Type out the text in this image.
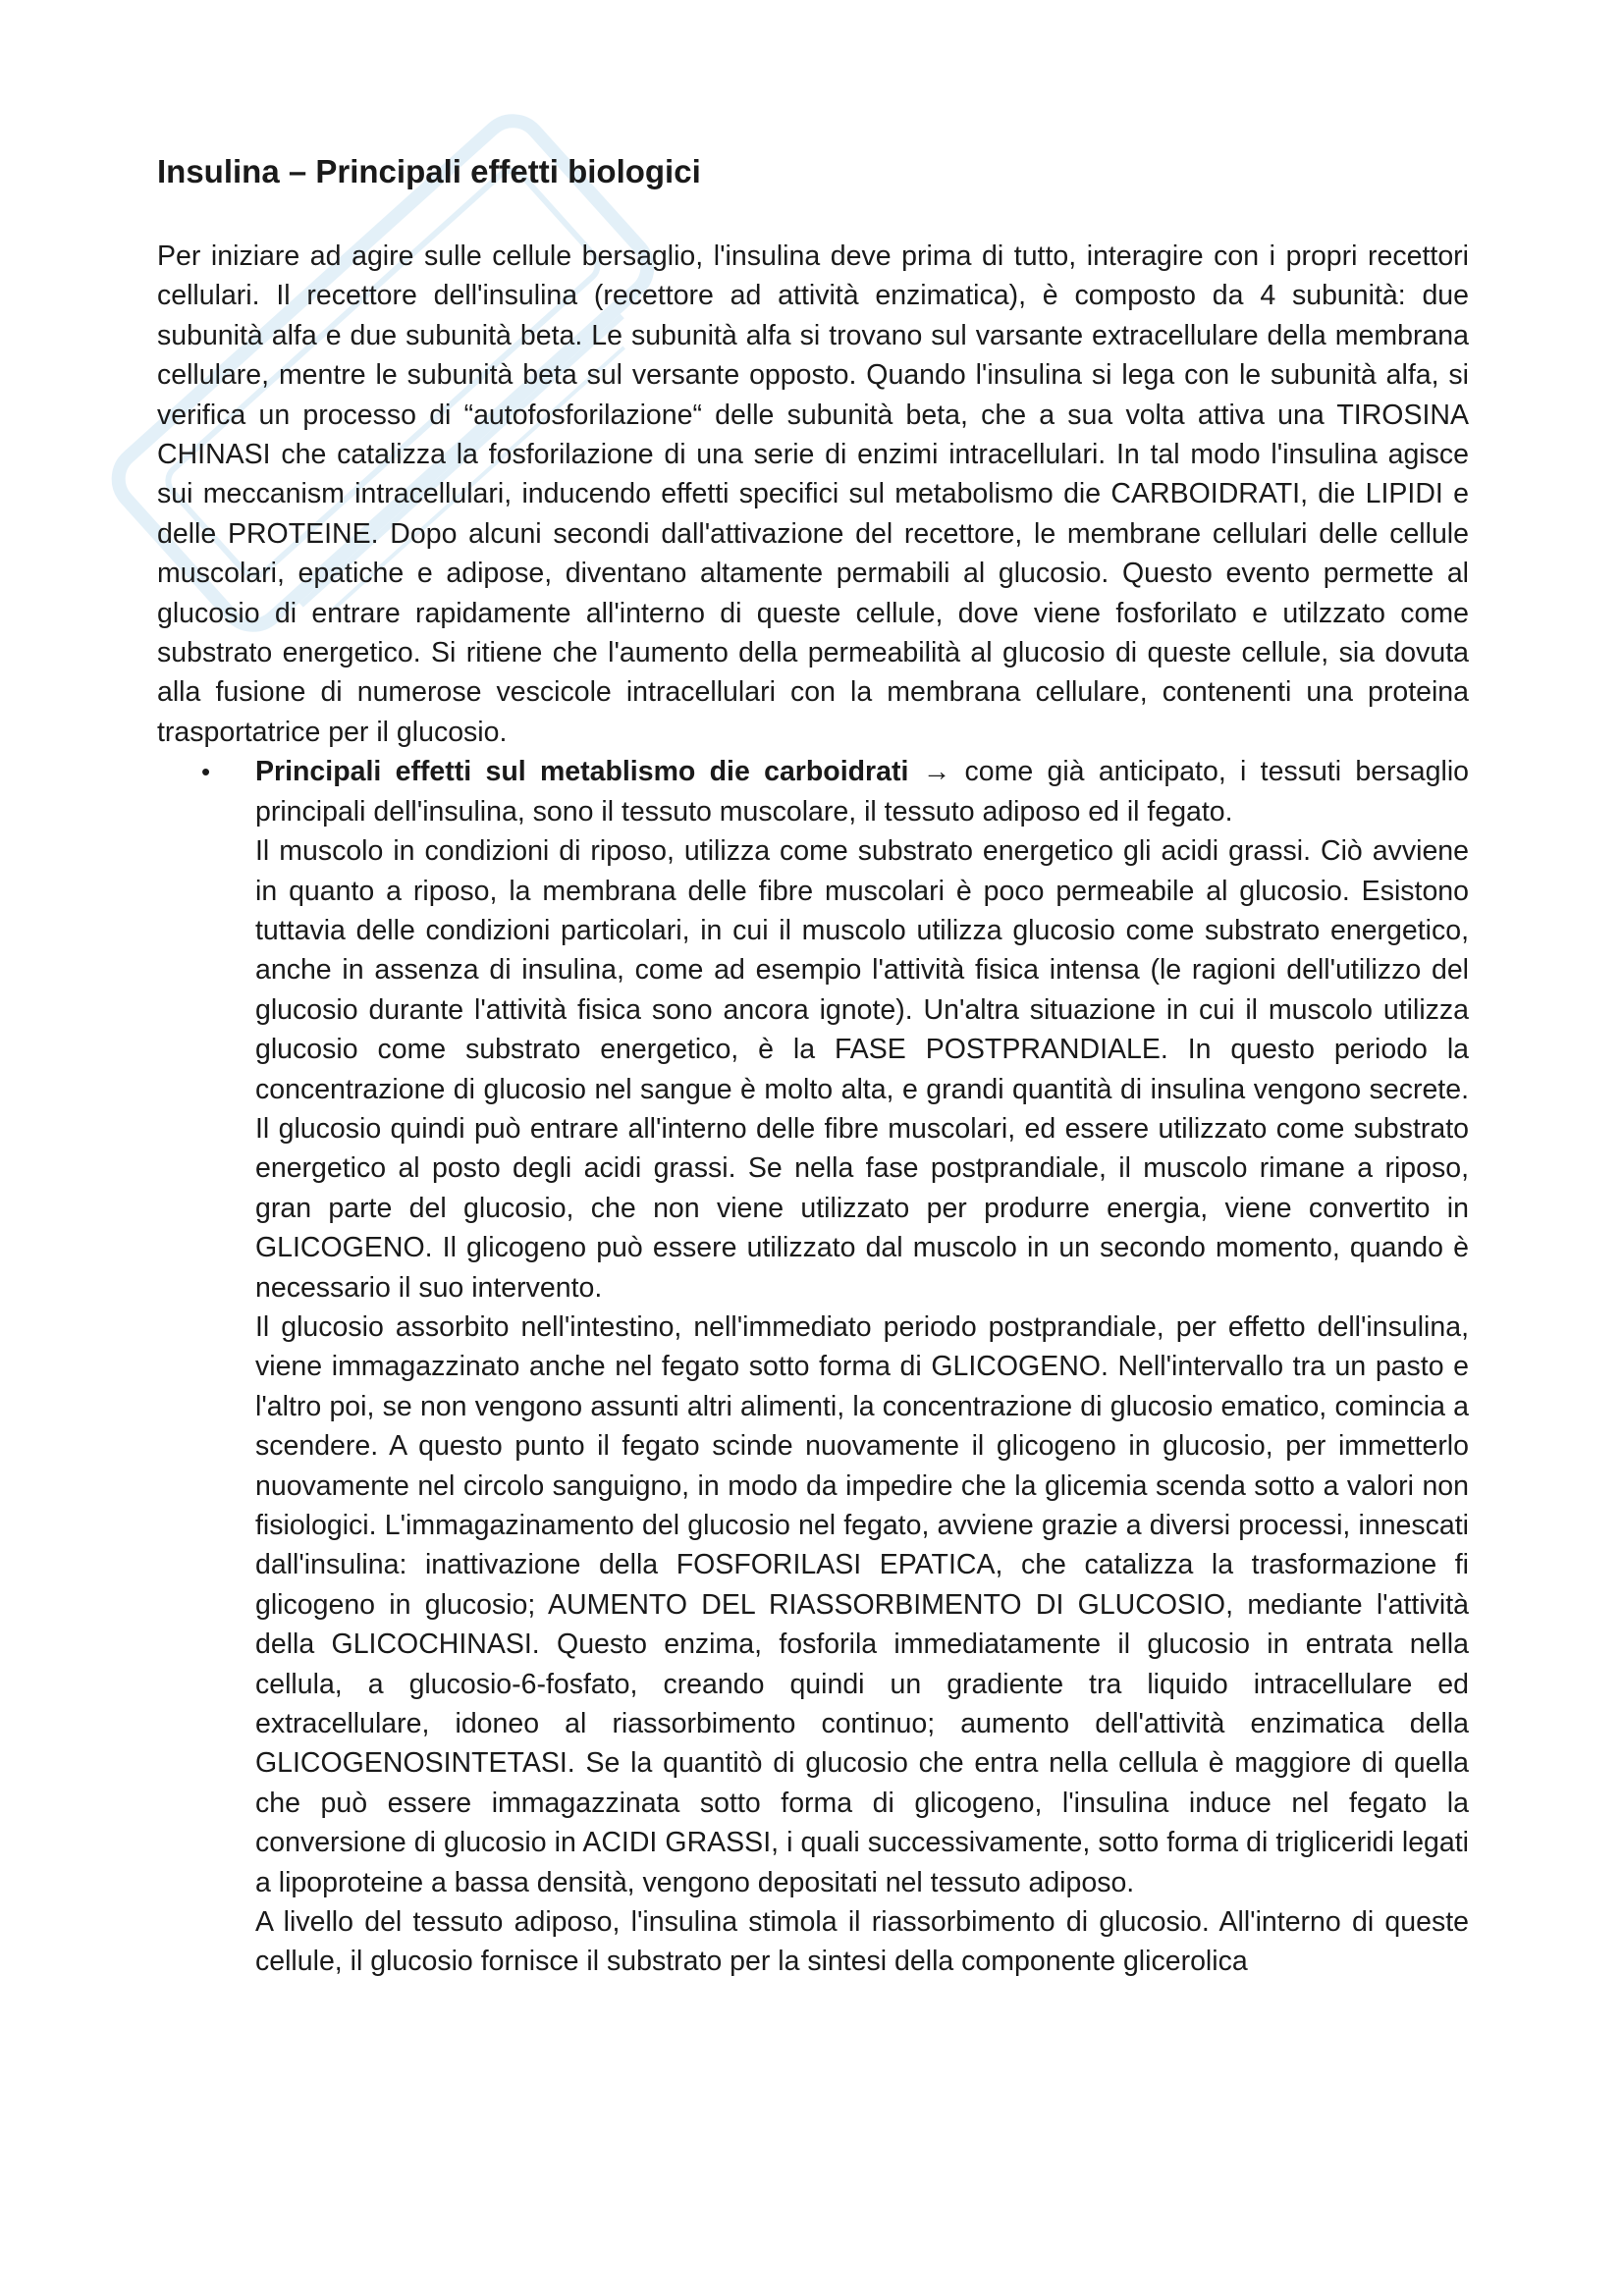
Insulina – Principali effetti biologici

Per iniziare ad agire sulle cellule bersaglio, l'insulina deve prima di tutto, interagire con i propri recettori cellulari. Il recettore dell'insulina (recettore ad attività enzimatica), è composto da 4 subunità: due subunità alfa e due subunità beta. Le subunità alfa si trovano sul varsante extracellulare della membrana cellulare, mentre le subunità beta sul versante opposto. Quando l'insulina si lega con le subunità alfa, si verifica un processo di “autofosforilazione“ delle subunità beta, che a sua volta attiva una TIROSINA CHINASI che catalizza la fosforilazione di una serie di enzimi intracellulari. In tal modo l'insulina agisce sui meccanism intracellulari, inducendo effetti specifici sul metabolismo die CARBOIDRATI, die LIPIDI e delle PROTEINE. Dopo alcuni secondi dall'attivazione del recettore, le membrane cellulari delle cellule muscolari, epatiche e adipose, diventano altamente permabili al glucosio. Questo evento permette al glucosio di entrare rapidamente all'interno di queste cellule, dove viene fosforilato e utilzzato come substrato energetico. Si ritiene che l'aumento della permeabilità al glucosio di queste cellule, sia dovuta alla fusione di numerose vescicole intracellulari con la membrana cellulare, contenenti una proteina trasportatrice per il glucosio.

• Principali effetti sul metablismo die carboidrati → come già anticipato, i tessuti bersaglio principali dell'insulina, sono il tessuto muscolare, il tessuto adiposo ed il fegato.

Il muscolo in condizioni di riposo, utilizza come substrato energetico gli acidi grassi. Ciò avviene in quanto a riposo, la membrana delle fibre muscolari è poco permeabile al glucosio. Esistono tuttavia delle condizioni particolari, in cui il muscolo utilizza glucosio come substrato energetico, anche in assenza di insulina, come ad esempio l'attività fisica intensa (le ragioni dell'utilizzo del glucosio durante l'attività fisica sono ancora ignote). Un'altra situazione in cui il muscolo utilizza glucosio come substrato energetico, è la FASE POSTPRANDIALE. In questo periodo la concentrazione di glucosio nel sangue è molto alta, e grandi quantità di insulina vengono secrete. Il glucosio quindi può entrare all'interno delle fibre muscolari, ed essere utilizzato come substrato energetico al posto degli acidi grassi. Se nella fase postprandiale, il muscolo rimane a riposo, gran parte del glucosio, che non viene utilizzato per produrre energia, viene convertito in GLICOGENO. Il glicogeno può essere utilizzato dal muscolo in un secondo momento, quando è necessario il suo intervento.

Il glucosio assorbito nell'intestino, nell'immediato periodo postprandiale, per effetto dell'insulina, viene immagazzinato anche nel fegato sotto forma di GLICOGENO. Nell'intervallo tra un pasto e l'altro poi, se non vengono assunti altri alimenti, la concentrazione di glucosio ematico, comincia a scendere. A questo punto il fegato scinde nuovamente il glicogeno in glucosio, per immetterlo nuovamente nel circolo sanguigno, in modo da impedire che la glicemia scenda sotto a valori non fisiologici. L'immagazinamento del glucosio nel fegato, avviene grazie a diversi processi, innescati dall'insulina: inattivazione della FOSFORILASI EPATICA, che catalizza la trasformazione fi glicogeno in glucosio; AUMENTO DEL RIASSORBIMENTO DI GLUCOSIO, mediante l'attività della GLICOCHINASI. Questo enzima, fosforila immediatamente il glucosio in entrata nella cellula, a glucosio-6-fosfato, creando quindi un gradiente tra liquido intracellulare ed extracellulare, idoneo al riassorbimento continuo; aumento dell'attività enzimatica della GLICOGENOSINTETASI. Se la quantitò di glucosio che entra nella cellula è maggiore di quella che può essere immagazzinata sotto forma di glicogeno, l'insulina induce nel fegato la conversione di glucosio in ACIDI GRASSI, i quali successivamente, sotto forma di trigliceridi legati a lipoproteine a bassa densità, vengono depositati nel tessuto adiposo.

A livello del tessuto adiposo, l'insulina stimola il riassorbimento di glucosio. All'interno di queste cellule, il glucosio fornisce il substrato per la sintesi della componente glicerolica
